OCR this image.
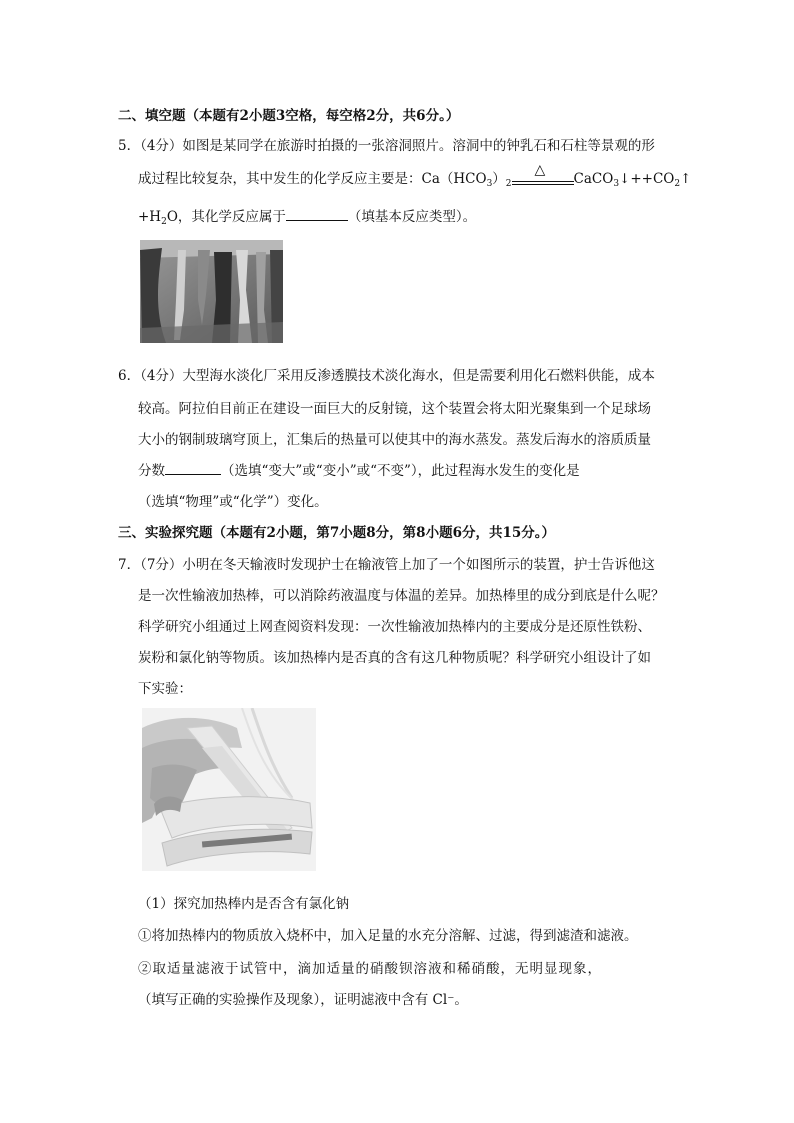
二、填空题（本题有2小题3空格，每空格2分，共6分。）
5．（4分）如图是某同学在旅游时拍摄的一张溶洞照片。溶洞中的钟乳石和石柱等景观的形
成过程比较复杂，其中发生的化学反应主要是：$Ca(HCO_3)_2$
△
$CaCO_3↓++CO_2↑$
$+H_2O$，其化学反应属于	（填基本反应类型）。
6．（4分）大型海水淡化厂采用反渗透膜技术淡化海水，但是需要利用化石燃料供能，成本
较高。阿拉伯目前正在建设一面巨大的反射镜，这个装置会将太阳光聚集到一个足球场
大小的钢制玻璃穹顶上，汇集后的热量可以使其中的海水蒸发。蒸发后海水的溶质质量
分数	（选填“变大”或“变小”或“不变”），此过程海水发生的变化是
（选填“物理”或“化学”）变化。
三、实验探究题（本题有2小题，第7小题8分，第8小题6分，共15分。）
7．（7分）小明在冬天输液时发现护士在输液管上加了一个如图所示的装置，护士告诉他这
是一次性输液加热棒，可以消除药液温度与体温的差异。加热棒里的成分到底是什么呢？
科学研究小组通过上网查阅资料发现：一次性输液加热棒内的主要成分是还原性铁粉、
炭粉和氯化钠等物质。该加热棒内是否真的含有这几种物质呢？科学研究小组设计了如
下实验：
（1）探究加热棒内是否含有氯化钠
①将加热棒内的物质放入烧杯中，加入足量的水充分溶解、过滤，得到滤渣和滤液。
②取适量滤液于试管中，滴加适量的硝酸钡溶液和稀硝酸，无明显现象，
（填写正确的实验操作及现象），证明滤液中含有 Cl⁻。
